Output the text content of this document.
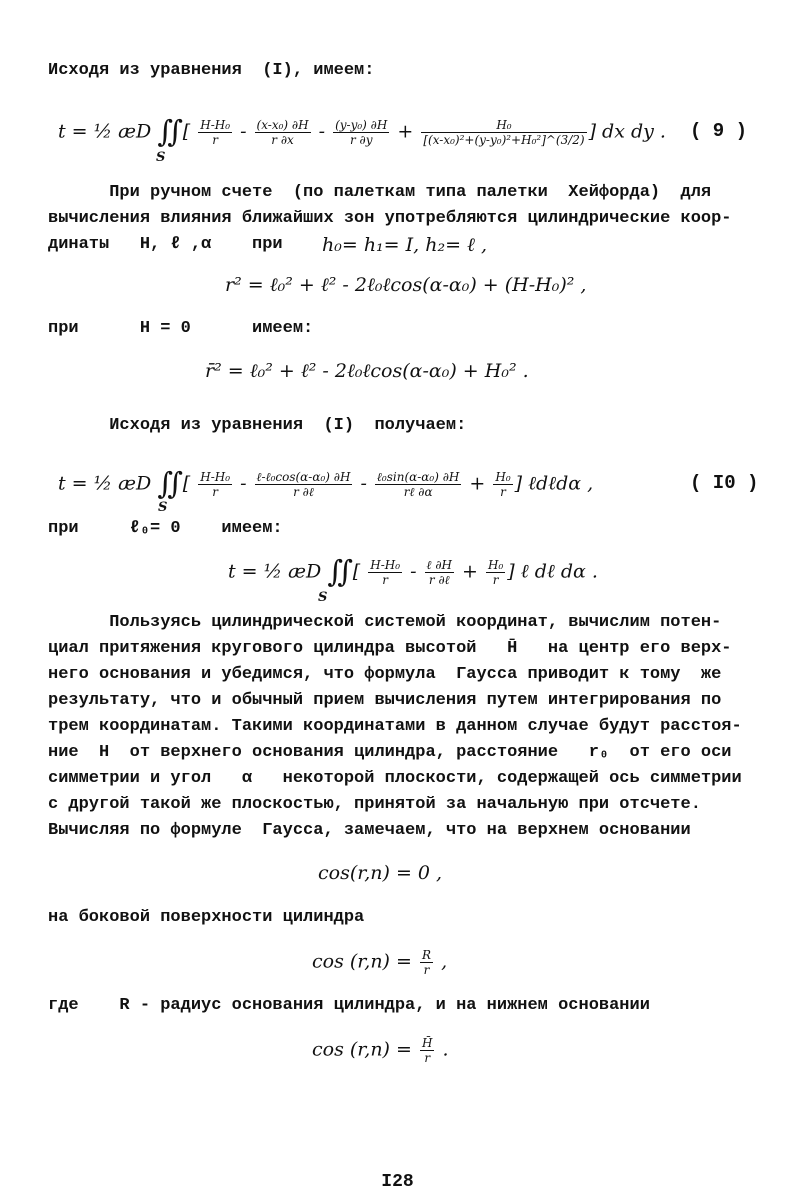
Исходя из уравнения  (I), имеем:
t = ½ æD ∬[ $\frac{\text{H-H₀}}{r} - \frac{\text{(x-x₀) ∂H}}{r \partial x} - \frac{\text{(y-y₀) ∂H}}{r \partial y} + \frac{\text{H₀}}{\text{[(x-x₀)²+(y-y₀)²+H₀²]\textasciicircum{}(3/2)}}$ ] dx dy .
S
( 9 )
При ручном счете  (по палеткам типа палетки  Хейфорда)  для
вычисления влияния ближайших зон употребляются цилиндрические коор-
динаты   Н, ℓ ,α    при h₀= h₁= I, h₂= ℓ ,
r² = ℓ₀² + ℓ² - 2ℓ₀ℓcos(α-α₀) + (H-H₀)² ,
при      H = 0      имеем:
r̄² = ℓ₀² + ℓ² - 2ℓ₀ℓcos(α-α₀) + H₀² .
Исходя из уравнения  (I)  получаем:
t = ½ æD ∬[ $\frac{\text{H-H₀}}{r} - \frac{\text{ℓ-ℓ₀cos(α-α₀) ∂H}}{\text{r ∂ℓ}} - \frac{\text{ℓ₀sin(α-α₀) ∂H}}{\text{rℓ ∂α}} + \frac{\text{H₀}}{r}$ ] ℓdℓdα ,
S
( I0 )
при     ℓ₀= 0    имеем:
t = ½ æD ∬[ $\frac{\text{H-H₀}}{r} - \frac{\text{ℓ ∂H}}{\text{r ∂ℓ}} + \frac{\text{H₀}}{r}$ ] ℓ dℓ dα .
S
Пользуясь цилиндрической системой координат, вычислим потен-
циал притяжения кругового цилиндра высотой   H̄   на центр его верх-
него основания и убедимся, что формула  Гаусса приводит к тому  же
результату, что и обычный прием вычисления путем интегрирования по
трем координатам. Такими координатами в данном случае будут расстоя-
ние  H  от верхнего основания цилиндра, расстояние   r₀  от его оси
симметрии и угол   α   некоторой плоскости, содержащей ось симметрии
с другой такой же плоскостью, принятой за начальную при отсчете.
Вычисляя по формуле  Гаусса, замечаем, что на верхнем основании
cos(r,n) = 0 ,
на боковой поверхности цилиндра
$\cos (r,n) = \frac{R}{r}$ ,
где    R - радиус основания цилиндра, и на нижнем основании
$\cos (r,n) = \frac{H̄}{r}$ .
I28
